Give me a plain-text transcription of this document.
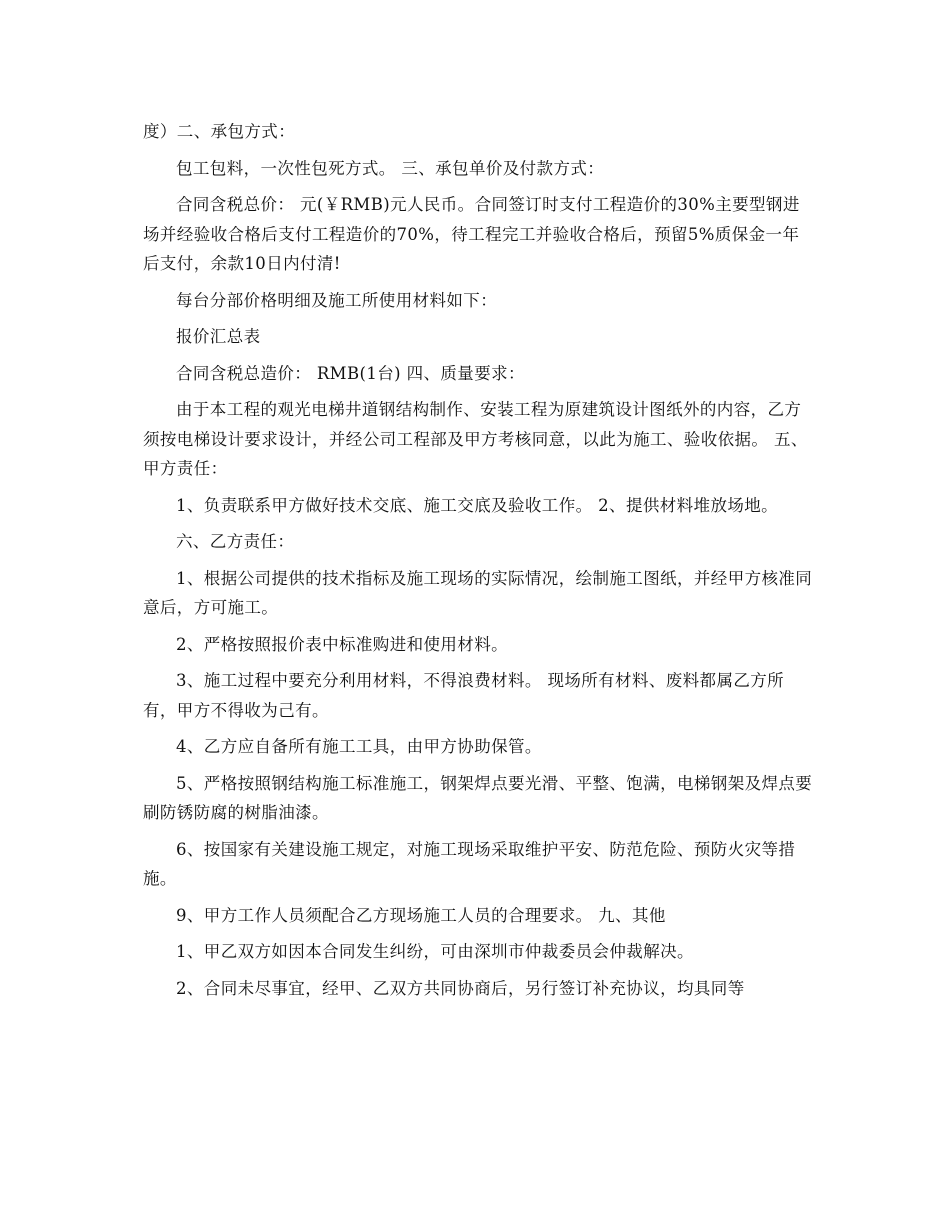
度）二、承包方式：

包工包料，一次性包死方式。 三、承包单价及付款方式：

合同含税总价： 元(￥RMB)元人民币。合同签订时支付工程造价的30%主要型钢进场并经验收合格后支付工程造价的70%，待工程完工并验收合格后，预留5%质保金一年后支付，余款10日内付清!

每台分部价格明细及施工所使用材料如下：

报价汇总表

合同含税总造价： RMB(1台) 四、质量要求：

由于本工程的观光电梯井道钢结构制作、安装工程为原建筑设计图纸外的内容，乙方须按电梯设计要求设计，并经公司工程部及甲方考核同意，以此为施工、验收依据。 五、甲方责任：

1、负责联系甲方做好技术交底、施工交底及验收工作。 2、提供材料堆放场地。

六、乙方责任：

1、根据公司提供的技术指标及施工现场的实际情况，绘制施工图纸，并经甲方核准同意后，方可施工。

2、严格按照报价表中标准购进和使用材料。

3、施工过程中要充分利用材料，不得浪费材料。 现场所有材料、废料都属乙方所有，甲方不得收为己有。

4、乙方应自备所有施工工具，由甲方协助保管。

5、严格按照钢结构施工标准施工，钢架焊点要光滑、平整、饱满，电梯钢架及焊点要刷防锈防腐的树脂油漆。

6、按国家有关建设施工规定，对施工现场采取维护平安、防范危险、预防火灾等措施。

9、甲方工作人员须配合乙方现场施工人员的合理要求。 九、其他

1、甲乙双方如因本合同发生纠纷，可由深圳市仲裁委员会仲裁解决。

2、合同未尽事宜，经甲、乙双方共同协商后，另行签订补充协议，均具同等
